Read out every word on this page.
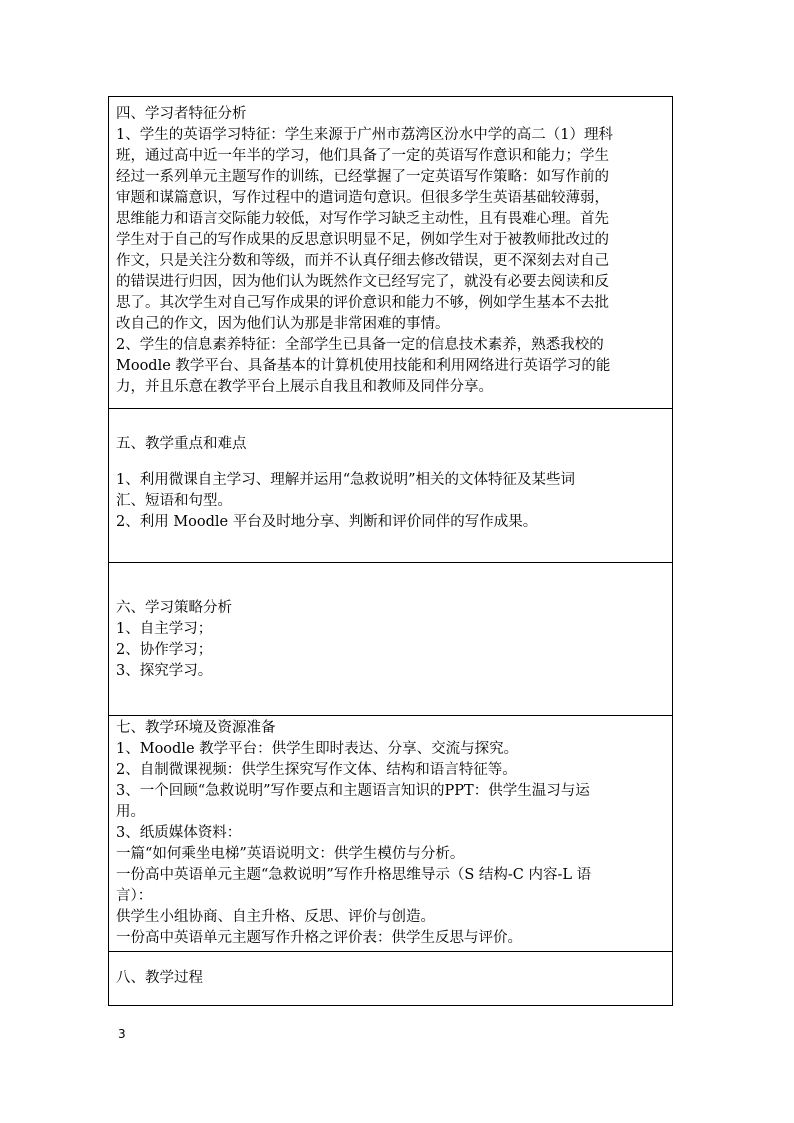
四、学习者特征分析

1、学生的英语学习特征：学生来源于广州市荔湾区汾水中学的高二（1）理科

班，通过高中近一年半的学习，他们具备了一定的英语写作意识和能力；学生

经过一系列单元主题写作的训练，已经掌握了一定英语写作策略：如写作前的

审题和谋篇意识，写作过程中的遣词造句意识。但很多学生英语基础较薄弱，

思维能力和语言交际能力较低，对写作学习缺乏主动性，且有畏难心理。首先

学生对于自己的写作成果的反思意识明显不足，例如学生对于被教师批改过的

作文，只是关注分数和等级，而并不认真仔细去修改错误，更不深刻去对自己

的错误进行归因，因为他们认为既然作文已经写完了，就没有必要去阅读和反

思了。其次学生对自己写作成果的评价意识和能力不够，例如学生基本不去批

改自己的作文，因为他们认为那是非常困难的事情。

2、学生的信息素养特征：全部学生已具备一定的信息技术素养，熟悉我校的

Moodle 教学平台、具备基本的计算机使用技能和利用网络进行英语学习的能

力，并且乐意在教学平台上展示自我且和教师及同伴分享。

五、教学重点和难点

1、利用微课自主学习、理解并运用“急救说明”相关的文体特征及某些词

汇、短语和句型。

2、利用 Moodle 平台及时地分享、判断和评价同伴的写作成果。

六、学习策略分析

1、自主学习；

2、协作学习；

3、探究学习。

七、教学环境及资源准备

1、Moodle 教学平台：供学生即时表达、分享、交流与探究。

2、自制微课视频：供学生探究写作文体、结构和语言特征等。

3、一个回顾“急救说明”写作要点和主题语言知识的PPT：供学生温习与运

用。

3、纸质媒体资料：

一篇“如何乘坐电梯”英语说明文：供学生模仿与分析。

一份高中英语单元主题“急救说明”写作升格思维导示（S 结构-C 内容-L 语

言）：

供学生小组协商、自主升格、反思、评价与创造。

一份高中英语单元主题写作升格之评价表：供学生反思与评价。

八、教学过程

3
